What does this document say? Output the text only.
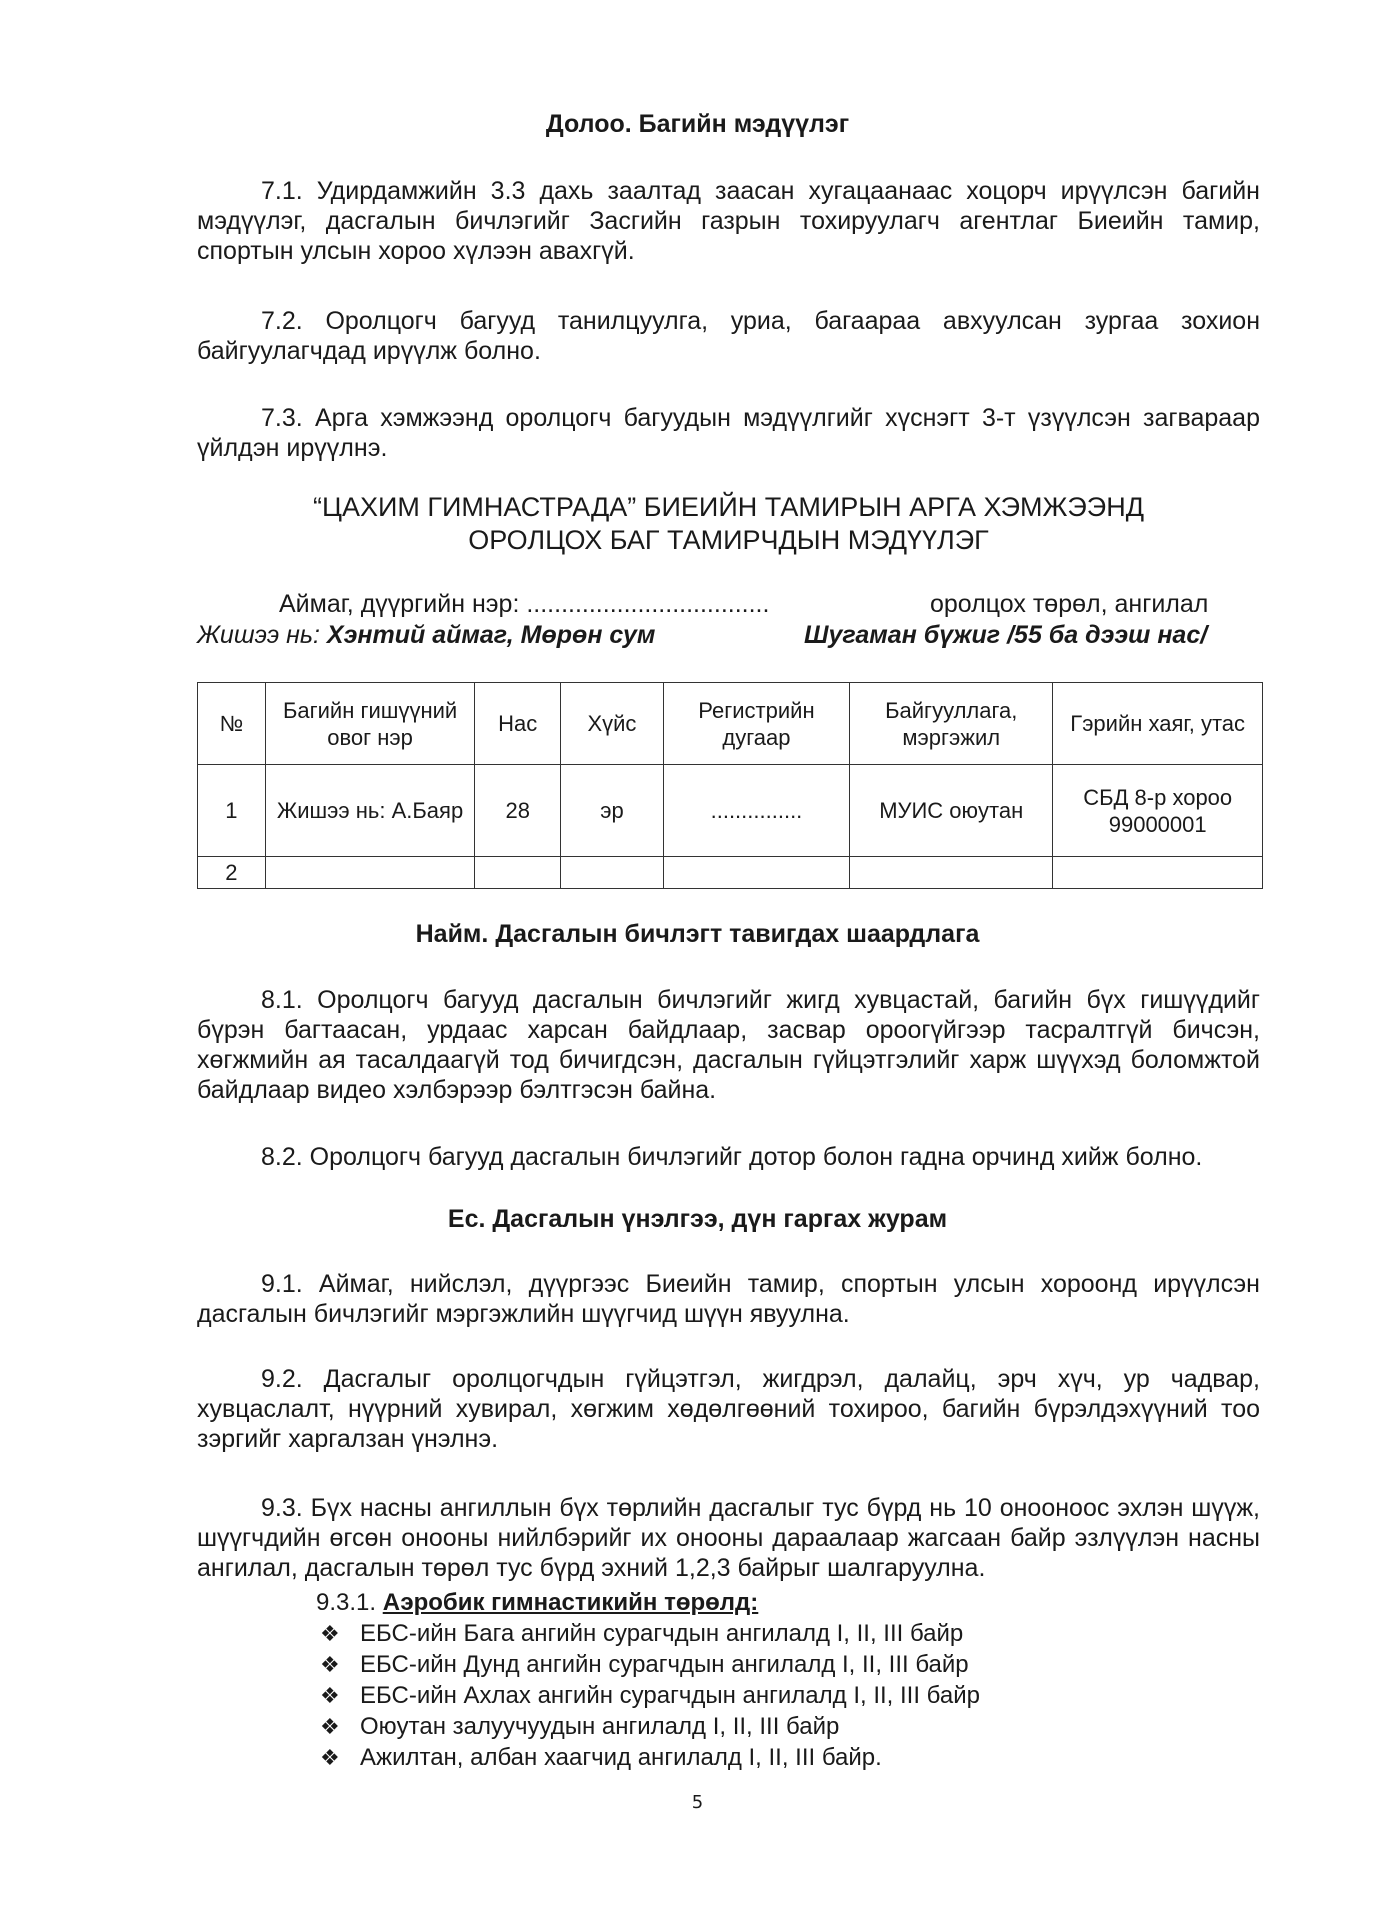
Долоо. Багийн мэдүүлэг
7.1. Удирдамжийн 3.3 дахь заалтад заасан хугацаанаас хоцорч ирүүлсэн багийн мэдүүлэг, дасгалын бичлэгийг Засгийн газрын тохируулагч агентлаг Биеийн тамир, спортын улсын хороо хүлээн авахгүй.
7.2. Оролцогч багууд танилцуулга, уриа, багаараа авхуулсан зургаа зохион байгуулагчдад ирүүлж болно.
7.3. Арга хэмжээнд оролцогч багуудын мэдүүлгийг хүснэгт 3-т үзүүлсэн загвараар үйлдэн ирүүлнэ.
“ЦАХИМ ГИМНАСТРАДА” БИЕИЙН ТАМИРЫН АРГА ХЭМЖЭЭНД
ОРОЛЦОХ БАГ ТАМИРЧДЫН МЭДҮҮЛЭГ
Аймаг, дүүргийн нэр: ...................................	оролцох төрөл, ангилал
Жишээ нь: Хэнтий аймаг, Мөрөн сум	Шугаман бүжиг /55 ба дээш нас/
№	Багийн гишүүний овог нэр	Нас	Хүйс	Регистрийн дугаар	Байгууллага, мэргэжил	Гэрийн хаяг, утас
1	Жишээ нь: А.Баяр	28	эр	...............	МУИС оюутан	СБД 8-р хороо 99000001
2						
Найм. Дасгалын бичлэгт тавигдах шаардлага
8.1. Оролцогч багууд дасгалын бичлэгийг жигд хувцастай, багийн бүх гишүүдийг бүрэн багтаасан, урдаас харсан байдлаар, засвар ороогүйгээр тасралтгүй бичсэн, хөгжмийн ая тасалдаагүй тод бичигдсэн, дасгалын гүйцэтгэлийг харж шүүхэд боломжтой байдлаар видео хэлбэрээр бэлтгэсэн байна.
8.2. Оролцогч багууд дасгалын бичлэгийг дотор болон гадна орчинд хийж болно.
Ес. Дасгалын үнэлгээ, дүн гаргах журам
9.1. Аймаг, нийслэл, дүүргээс Биеийн тамир, спортын улсын хороонд ирүүлсэн дасгалын бичлэгийг мэргэжлийн шүүгчид шүүн явуулна.
9.2. Дасгалыг оролцогчдын гүйцэтгэл, жигдрэл, далайц, эрч хүч, ур чадвар, хувцаслалт, нүүрний хувирал, хөгжим хөдөлгөөний тохироо, багийн бүрэлдэхүүний тоо зэргийг харгалзан үнэлнэ.
9.3. Бүх насны ангиллын бүх төрлийн дасгалыг тус бүрд нь 10 онооноос эхлэн шүүж, шүүгчдийн өгсөн онооны нийлбэрийг их онооны дараалаар жагсаан байр эзлүүлэн насны ангилал, дасгалын төрөл тус бүрд эхний 1,2,3 байрыг шалгаруулна.
9.3.1. Аэробик гимнастикийн төрөлд:
❖ ЕБС-ийн Бага ангийн сурагчдын ангилалд I, II, III байр
❖ ЕБС-ийн Дунд ангийн сурагчдын ангилалд I, II, III байр
❖ ЕБС-ийн Ахлах ангийн сурагчдын ангилалд I, II, III байр
❖ Оюутан залуучуудын ангилалд I, II, III байр
❖ Ажилтан, албан хаагчид ангилалд I, II, III байр.
5
